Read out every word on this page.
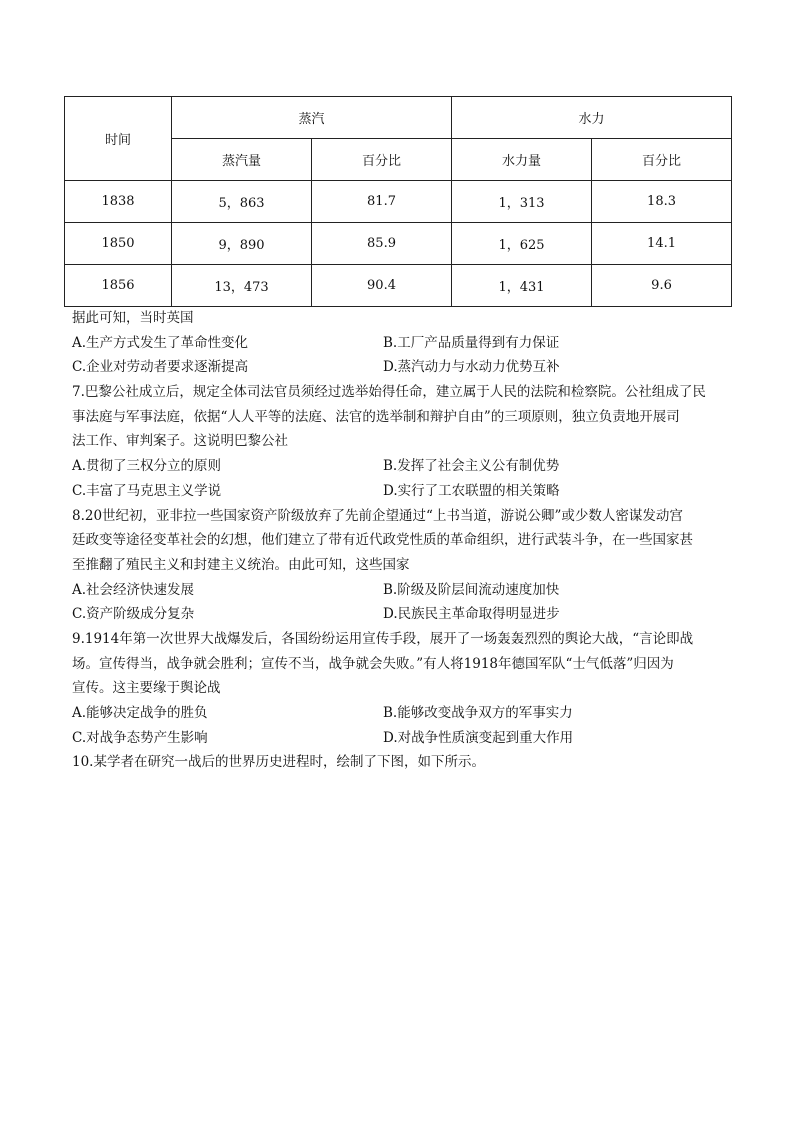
时间	蒸汽		水力	
	蒸汽量	百分比	水力量	百分比
1838	5，863	81.7	1，313	18.3
1850	9，890	85.9	1，625	14.1
1856	13，473	90.4	1，431	9.6
据此可知，当时英国
A.生产方式发生了革命性变化	B.工厂产品质量得到有力保证
C.企业对劳动者要求逐渐提高	D.蒸汽动力与水动力优势互补
7.巴黎公社成立后，规定全体司法官员须经过选举始得任命，建立属于人民的法院和检察院。公社组成了民
事法庭与军事法庭，依据“人人平等的法庭、法官的选举制和辩护自由”的三项原则，独立负责地开展司
法工作、审判案子。这说明巴黎公社
A.贯彻了三权分立的原则	B.发挥了社会主义公有制优势
C.丰富了马克思主义学说	D.实行了工农联盟的相关策略
8.20世纪初，亚非拉一些国家资产阶级放弃了先前企望通过“上书当道，游说公卿”或少数人密谋发动宫
廷政变等途径变革社会的幻想，他们建立了带有近代政党性质的革命组织，进行武装斗争，在一些国家甚
至推翻了殖民主义和封建主义统治。由此可知，这些国家
A.社会经济快速发展	B.阶级及阶层间流动速度加快
C.资产阶级成分复杂	D.民族民主革命取得明显进步
9.1914年第一次世界大战爆发后，各国纷纷运用宣传手段，展开了一场轰轰烈烈的舆论大战，“言论即战
场。宣传得当，战争就会胜利；宣传不当，战争就会失败。”有人将1918年德国军队“士气低落”归因为
宣传。这主要缘于舆论战
A.能够决定战争的胜负	B.能够改变战争双方的军事实力
C.对战争态势产生影响	D.对战争性质演变起到重大作用
10.某学者在研究一战后的世界历史进程时，绘制了下图，如下所示。
